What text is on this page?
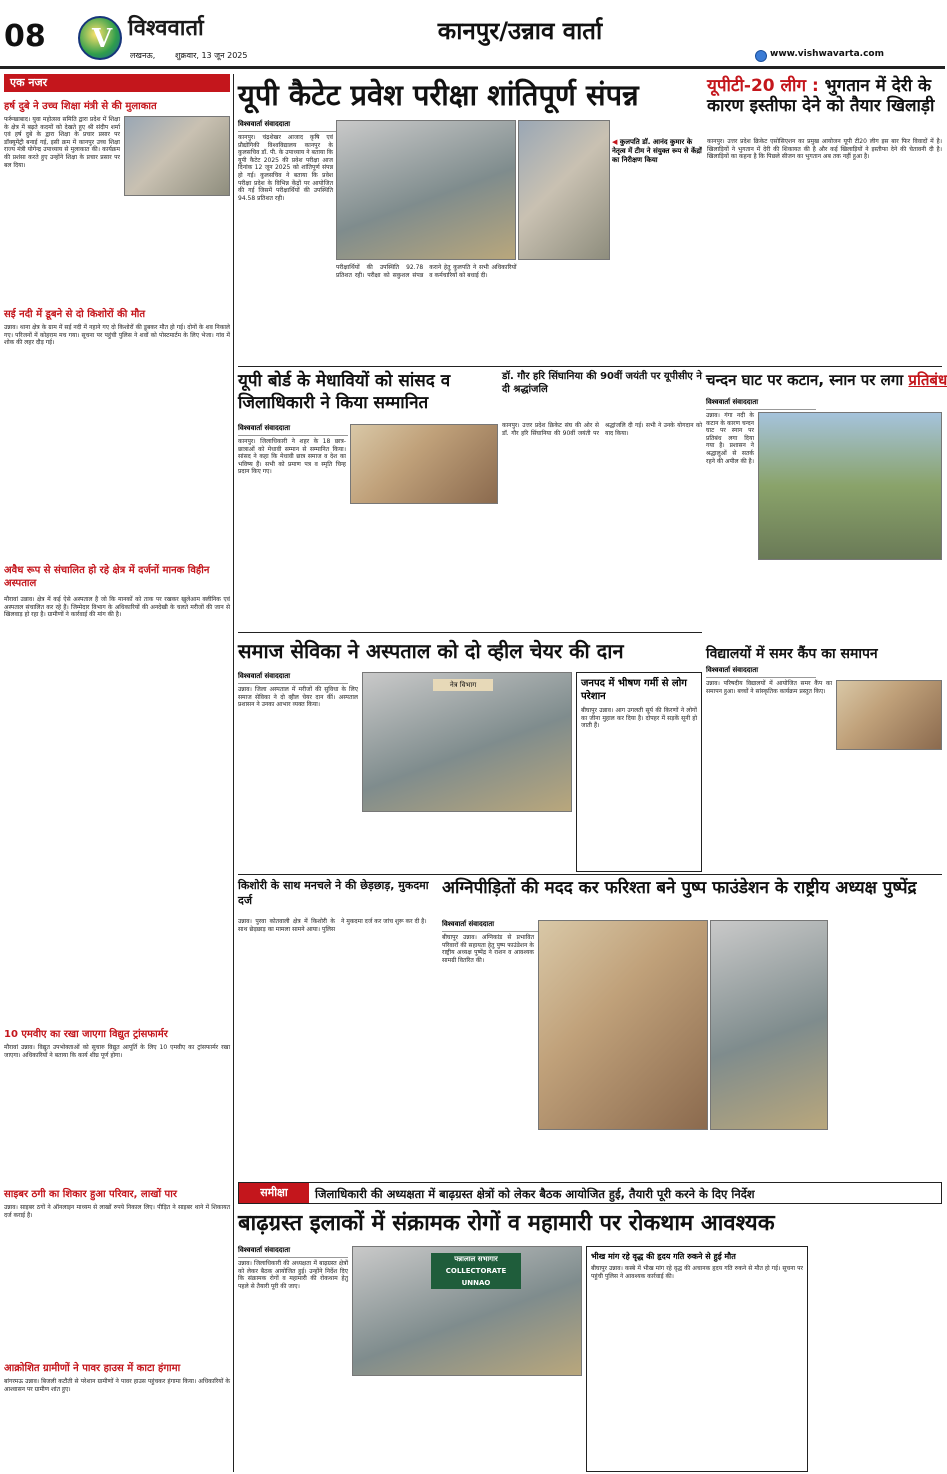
08	V विश्ववार्ता
लखनऊ,	शुक्रवार, 13 जून 2025
कानपुर/उन्नाव वार्ता
www.vishwavarta.com
एक नजर
हर्ष दुबे ने उच्च शिक्षा मंत्री से की मुलाकात
फर्रूखाबाद। युवा महोत्सव समिति द्वारा प्रदेश में शिक्षा के क्षेत्र में बढ़ते कदमों को देखते हुए श्री संदीप शर्मा एवं हर्ष दुबे के द्वारा शिक्षा के प्रचार प्रसार पर डॉक्युमेंट्री बनाई गई, इसी क्रम में कानपुर उच्च शिक्षा राज्य मंत्री योगेन्द्र उपाध्याय से मुलाकात की। कार्यक्रम की प्रशंसा करते हुए उन्होंने शिक्षा के प्रचार प्रसार पर बल दिया।
सई नदी में डूबने से दो किशोरों की मौत
उन्नाव। थाना क्षेत्र के ग्राम में सई नदी में नहाने गए दो किशोरों की डूबकर मौत हो गई। दोनों के शव निकाले गए। परिजनों में कोहराम मच गया। सूचना पर पहुंची पुलिस ने शवों को पोस्टमार्टम के लिए भेजा। गांव में शोक की लहर दौड़ गई।
अवैध रूप से संचालित हो रहे क्षेत्र में दर्जनों मानक विहीन अस्पताल
मौरावां उन्नाव। क्षेत्र में कई ऐसे अस्पताल है जो कि मानकों को ताक पर रखकर खुलेआम क्लीनिक एवं अस्पताल संचालित कर रहे हैं। जिम्मेदार विभाग के अधिकारियों की अनदेखी के चलते मरीजों की जान से खिलवाड़ हो रहा है। ग्रामीणों ने कार्रवाई की मांग की है।
10 एमवीए का रखा जाएगा विद्युत ट्रांसफार्मर
मौरावां उन्नाव। विद्युत उपभोक्ताओं को सुचारु विद्युत आपूर्ति के लिए 10 एमवीए का ट्रांसफार्मर रखा जाएगा। अधिकारियों ने बताया कि कार्य शीघ्र पूर्ण होगा।
साइबर ठगी का शिकार हुआ परिवार, लाखों पार
उन्नाव। साइबर ठगों ने ऑनलाइन माध्यम से लाखों रुपये निकाल लिए। पीड़ित ने साइबर थाने में शिकायत दर्ज कराई है।
आक्रोशित ग्रामीणों ने पावर हाउस में काटा हंगामा
बांगरमऊ उन्नाव। बिजली कटौती से परेशान ग्रामीणों ने पावर हाउस पहुंचकर हंगामा किया। अधिकारियों के आश्वासन पर ग्रामीण शांत हुए।
यूपी कैटेट प्रवेश परीक्षा शांतिपूर्ण संपन्न
विश्ववार्ता संवाददाता
कानपुर। चंद्रशेखर आजाद कृषि एवं प्रौद्योगिकी विश्वविद्यालय कानपुर के कुलसचिव डॉ. पी. के उपाध्याय ने बताया कि यूपी कैटेट 2025 की प्रवेश परीक्षा आज दिनांक 12 जून 2025 को शांतिपूर्ण संपन्न हो गई। कुलसचिव ने बताया कि प्रवेश परीक्षा प्रदेश के विभिन्न केंद्रों पर आयोजित की गई जिसमें परीक्षार्थियों की उपस्थिति 94.58 प्रतिशत रही।
◀ कुलपति डॉ. आनंद कुमार के नेतृत्व में टीम ने संयुक्त रूप से केंद्रों का निरीक्षण किया
परीक्षार्थियों की उपस्थिति 92.78 प्रतिशत रही। परीक्षा को सकुशल संपन्न कराने हेतु कुलपति ने सभी अधिकारियों व कर्मचारियों को बधाई दी।
यूपीटी-20 लीग : भुगतान में देरी के कारण इस्तीफा देने को तैयार खिलाड़ी
कानपुर। उत्तर प्रदेश क्रिकेट एसोसिएशन का प्रमुख आयोजन यूपी टी20 लीग इस बार फिर विवादों में है। खिलाड़ियों ने भुगतान में देरी की शिकायत की है और कई खिलाड़ियों ने इस्तीफा देने की चेतावनी दी है। खिलाड़ियों का कहना है कि पिछले सीजन का भुगतान अब तक नहीं हुआ है।
यूपी बोर्ड के मेधावियों को सांसद व जिलाधिकारी ने किया सम्मानित
विश्ववार्ता संवाददाता
कानपुर। जिलाधिकारी ने शहर के 18 छात्र-छात्राओं को मेधावी सम्मान से सम्मानित किया। सांसद ने कहा कि मेधावी छात्र समाज व देश का भविष्य हैं। सभी को प्रमाण पत्र व स्मृति चिन्ह प्रदान किए गए।
डॉ. गौर हरि सिंघानिया की 90वीं जयंती पर यूपीसीए ने दी श्रद्धांजलि
कानपुर। उत्तर प्रदेश क्रिकेट संघ की ओर से डॉ. गौर हरि सिंघानिया की 90वीं जयंती पर श्रद्धांजलि दी गई। सभी ने उनके योगदान को याद किया।
चन्दन घाट पर कटान, स्नान पर लगा प्रतिबंध
विश्ववार्ता संवाददाता
उन्नाव। गंगा नदी के कटान के कारण चन्दन घाट पर स्नान पर प्रतिबंध लगा दिया गया है। प्रशासन ने श्रद्धालुओं से सतर्क रहने की अपील की है।
समाज सेविका ने अस्पताल को दो व्हील चेयर की दान
विश्ववार्ता संवाददाता
उन्नाव। जिला अस्पताल में मरीजों की सुविधा के लिए समाज सेविका ने दो व्हील चेयर दान कीं। अस्पताल प्रशासन ने उनका आभार व्यक्त किया।
नेत्र विभाग	जनपद में भीषण गर्मी से लोग परेशान
बीघापुर उन्नाव। आग उगलती सूर्य की किरणों ने लोगों का जीना मुहाल कर दिया है। दोपहर में सड़कें सूनी हो जाती हैं।
विद्यालयों में समर कैंप का समापन
विश्ववार्ता संवाददाता
उन्नाव। परिषदीय विद्यालयों में आयोजित समर कैंप का समापन हुआ। बच्चों ने सांस्कृतिक कार्यक्रम प्रस्तुत किए।
किशोरी के साथ मनचले ने की छेड़छाड़, मुकदमा दर्ज
उन्नाव। पुरवा कोतवाली क्षेत्र में किशोरी के साथ छेड़छाड़ का मामला सामने आया। पुलिस ने मुकदमा दर्ज कर जांच शुरू कर दी है।
अग्निपीड़ितों की मदद कर फरिश्ता बने पुष्प फाउंडेशन के राष्ट्रीय अध्यक्ष पुष्पेंद्र
विश्ववार्ता संवाददाता
बीघापुर उन्नाव। अग्निकांड से प्रभावित परिवारों की सहायता हेतु पुष्प फाउंडेशन के राष्ट्रीय अध्यक्ष पुष्पेंद्र ने राशन व आवश्यक सामग्री वितरित की।
समीक्षा	जिलाधिकारी की अध्यक्षता में बाढ़ग्रस्त क्षेत्रों को लेकर बैठक आयोजित हुई, तैयारी पूरी करने के दिए निर्देश
बाढ़ग्रस्त इलाकों में संक्रामक रोगों व महामारी पर रोकथाम आवश्यक
विश्ववार्ता संवाददाता
उन्नाव। जिलाधिकारी की अध्यक्षता में बाढ़ग्रस्त क्षेत्रों को लेकर बैठक आयोजित हुई। उन्होंने निर्देश दिए कि संक्रामक रोगों व महामारी की रोकथाम हेतु पहले से तैयारी पूरी की जाए।
पन्नालाल सभागार
COLLECTORATE
UNNAO
भीख मांग रहे वृद्ध की हृदय गति रुकने से हुई मौत
बीघापुर उन्नाव। कस्बे में भीख मांग रहे वृद्ध की अचानक हृदय गति रुकने से मौत हो गई। सूचना पर पहुंची पुलिस ने आवश्यक कार्रवाई की।
